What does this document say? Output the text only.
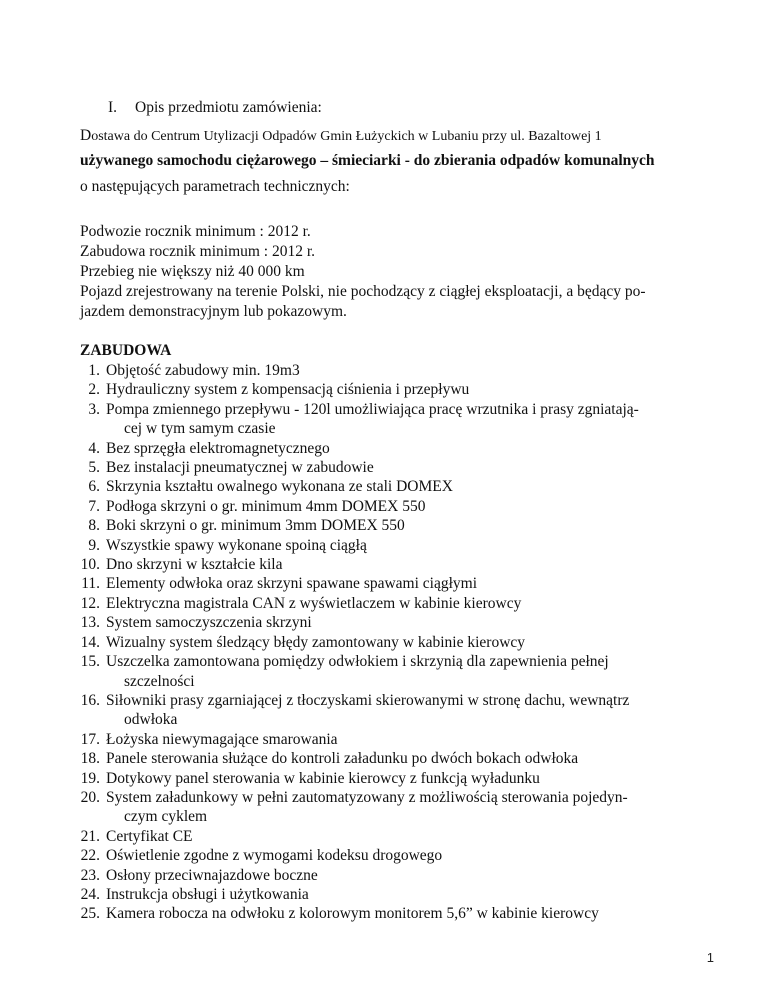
I. Opis przedmiotu zamówienia:
Dostawa do Centrum Utylizacji Odpadów Gmin Łużyckich w Lubaniu przy ul. Bazaltowej 1
używanego samochodu ciężarowego – śmieciarki - do zbierania odpadów komunalnych
o następujących parametrach technicznych:
Podwozie rocznik minimum : 2012 r.
Zabudowa rocznik minimum : 2012 r.
Przebieg nie większy niż 40 000 km
Pojazd zrejestrowany na terenie Polski, nie pochodzący z ciągłej eksploatacji, a będący po-
jazdem demonstracyjnym lub pokazowym.
ZABUDOWA
1. Objętość zabudowy min. 19m3
2. Hydrauliczny system z kompensacją ciśnienia i przepływu
3. Pompa zmiennego przepływu - 120l umożliwiająca pracę wrzutnika i prasy zgniatają-
cej w tym samym czasie
4. Bez sprzęgła elektromagnetycznego
5. Bez instalacji pneumatycznej w zabudowie
6. Skrzynia kształtu owalnego wykonana ze stali DOMEX
7. Podłoga skrzyni o gr. minimum 4mm DOMEX 550
8. Boki skrzyni o gr. minimum 3mm DOMEX 550
9. Wszystkie spawy wykonane spoiną ciągłą
10. Dno skrzyni w kształcie kila
11. Elementy odwłoka oraz skrzyni spawane spawami ciągłymi
12. Elektryczna magistrala CAN z wyświetlaczem w kabinie kierowcy
13. System samoczyszczenia skrzyni
14. Wizualny system śledzący błędy zamontowany w kabinie kierowcy
15. Uszczelka zamontowana pomiędzy odwłokiem i skrzynią dla zapewnienia pełnej
szczelności
16. Siłowniki prasy zgarniającej z tłoczyskami skierowanymi w stronę dachu, wewnątrz
odwłoka
17. Łożyska niewymagające smarowania
18. Panele sterowania służące do kontroli załadunku po dwóch bokach odwłoka
19. Dotykowy panel sterowania w kabinie kierowcy z funkcją wyładunku
20. System załadunkowy w pełni zautomatyzowany z możliwością sterowania pojedyn-
czym cyklem
21. Certyfikat CE
22. Oświetlenie zgodne z wymogami kodeksu drogowego
23. Osłony przeciwnajazdowe boczne
24. Instrukcja obsługi i użytkowania
25. Kamera robocza na odwłoku z kolorowym monitorem 5,6” w kabinie kierowcy
1
